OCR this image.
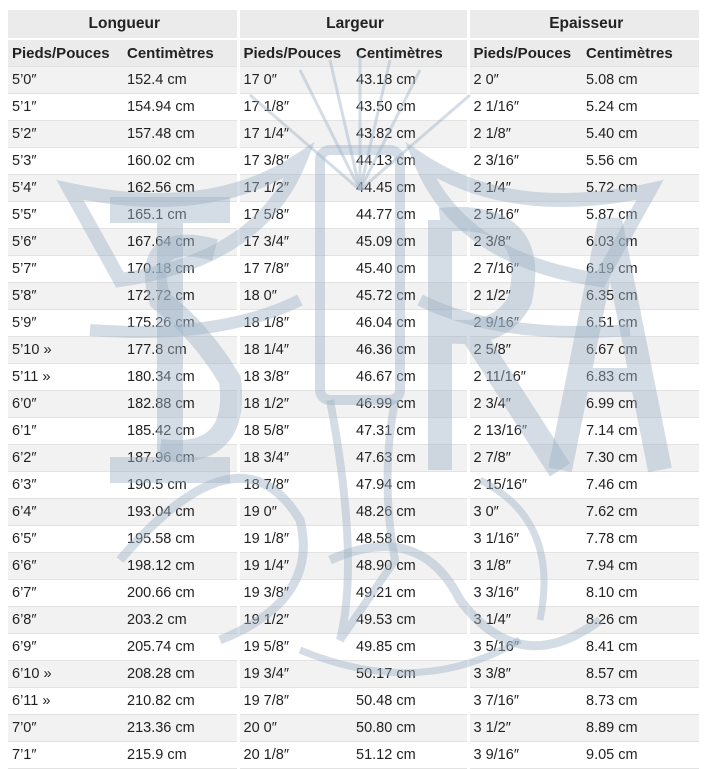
Longueur		Largeur		Epaisseur	
Pieds/Pouces	Centimètres	Pieds/Pouces	Centimètres	Pieds/Pouces	Centimètres
5’0″	152.4 cm	17 0″	43.18 cm	2 0″	5.08 cm
5’1″	154.94 cm	17 1/8″	43.50 cm	2 1/16″	5.24 cm
5’2″	157.48 cm	17 1/4″	43.82 cm	2 1/8″	5.40 cm
5’3″	160.02 cm	17 3/8″	44.13 cm	2 3/16″	5.56 cm
5’4″	162.56 cm	17 1/2″	44.45 cm	2 1/4″	5.72 cm
5’5″	165.1 cm	17 5/8″	44.77 cm	2 5/16″	5.87 cm
5’6″	167.64 cm	17 3/4″	45.09 cm	2 3/8″	6.03 cm
5’7″	170.18 cm	17 7/8″	45.40 cm	2 7/16″	6.19 cm
5’8″	172.72 cm	18 0″	45.72 cm	2 1/2″	6.35 cm
5’9″	175.26 cm	18 1/8″	46.04 cm	2 9/16″	6.51 cm
5’10 »	177.8 cm	18 1/4″	46.36 cm	2 5/8″	6.67 cm
5’11 »	180.34 cm	18 3/8″	46.67 cm	2 11/16″	6.83 cm
6’0″	182.88 cm	18 1/2″	46.99 cm	2 3/4″	6.99 cm
6’1″	185.42 cm	18 5/8″	47.31 cm	2 13/16″	7.14 cm
6’2″	187.96 cm	18 3/4″	47.63 cm	2 7/8″	7.30 cm
6’3″	190.5 cm	18 7/8″	47.94 cm	2 15/16″	7.46 cm
6’4″	193.04 cm	19 0″	48.26 cm	3 0″	7.62 cm
6’5″	195.58 cm	19 1/8″	48.58 cm	3 1/16″	7.78 cm
6’6″	198.12 cm	19 1/4″	48.90 cm	3 1/8″	7.94 cm
6’7″	200.66 cm	19 3/8″	49.21 cm	3 3/16″	8.10 cm
6’8″	203.2 cm	19 1/2″	49.53 cm	3 1/4″	8.26 cm
6’9″	205.74 cm	19 5/8″	49.85 cm	3 5/16″	8.41 cm
6’10 »	208.28 cm	19 3/4″	50.17 cm	3 3/8″	8.57 cm
6’11 »	210.82 cm	19 7/8″	50.48 cm	3 7/16″	8.73 cm
7’0″	213.36 cm	20 0″	50.80 cm	3 1/2″	8.89 cm
7’1″	215.9 cm	20 1/8″	51.12 cm	3 9/16″	9.05 cm
